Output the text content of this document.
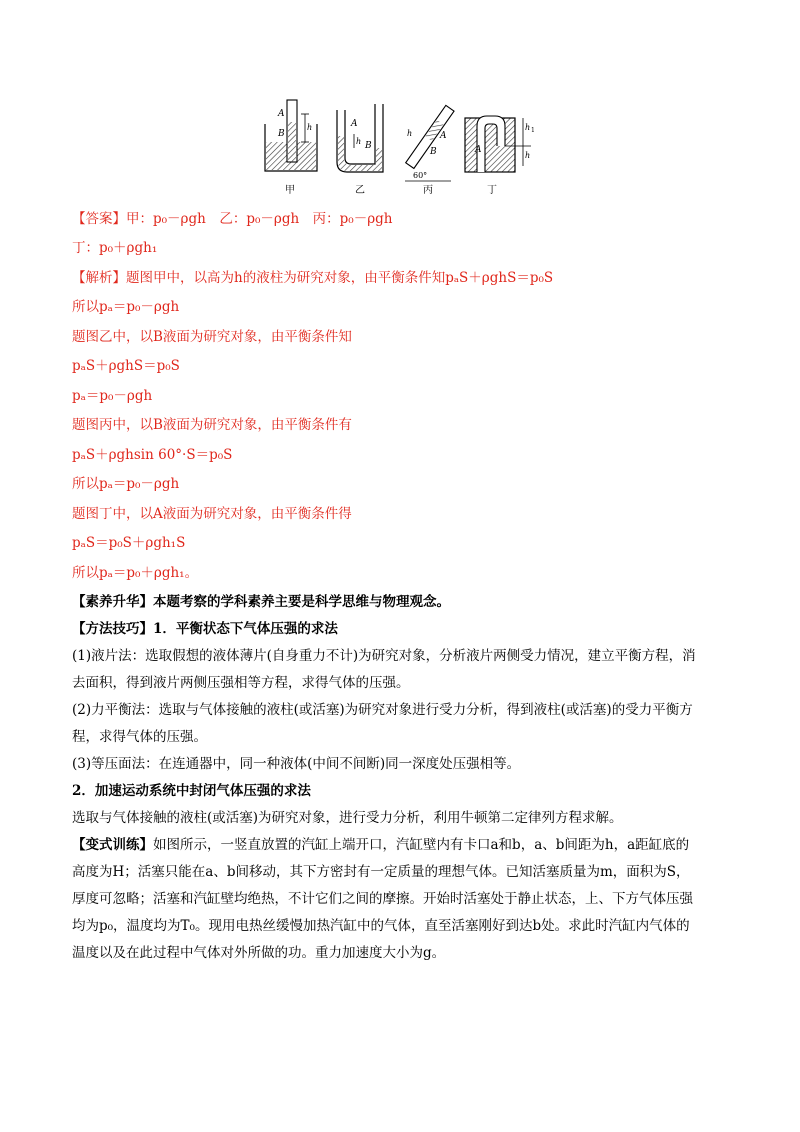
A
B
h	A
h B
h	A
B
60°
A
h 1
h
甲	乙	丙	丁
【答案】甲：p₀－ρgh　乙：p₀－ρgh　丙：p₀－ρgh
丁：p₀＋ρgh₁
【解析】题图甲中，以高为h的液柱为研究对象，由平衡条件知pₐS＋ρghS＝p₀S
所以pₐ＝p₀－ρgh
题图乙中，以B液面为研究对象，由平衡条件知
pₐS＋ρghS＝p₀S
pₐ＝p₀－ρgh
题图丙中，以B液面为研究对象，由平衡条件有
pₐS＋ρghsin 60°·S＝p₀S
所以pₐ＝p₀－ρgh
题图丁中，以A液面为研究对象，由平衡条件得
pₐS＝p₀S＋ρgh₁S
所以pₐ＝p₀＋ρgh₁。
【素养升华】本题考察的学科素养主要是科学思维与物理观念。
【方法技巧】1．平衡状态下气体压强的求法
(1)液片法：选取假想的液体薄片(自身重力不计)为研究对象，分析液片两侧受力情况，建立平衡方程，消
去面积，得到液片两侧压强相等方程，求得气体的压强。
(2)力平衡法：选取与气体接触的液柱(或活塞)为研究对象进行受力分析，得到液柱(或活塞)的受力平衡方
程，求得气体的压强。
(3)等压面法：在连通器中，同一种液体(中间不间断)同一深度处压强相等。
2．加速运动系统中封闭气体压强的求法
选取与气体接触的液柱(或活塞)为研究对象，进行受力分析，利用牛顿第二定律列方程求解。
【变式训练】如图所示，一竖直放置的汽缸上端开口，汽缸壁内有卡口a和b，a、b间距为h，a距缸底的
高度为H；活塞只能在a、b间移动，其下方密封有一定质量的理想气体。已知活塞质量为m，面积为S，
厚度可忽略；活塞和汽缸壁均绝热，不计它们之间的摩擦。开始时活塞处于静止状态，上、下方气体压强
均为p₀，温度均为T₀。现用电热丝缓慢加热汽缸中的气体，直至活塞刚好到达b处。求此时汽缸内气体的
温度以及在此过程中气体对外所做的功。重力加速度大小为g。
